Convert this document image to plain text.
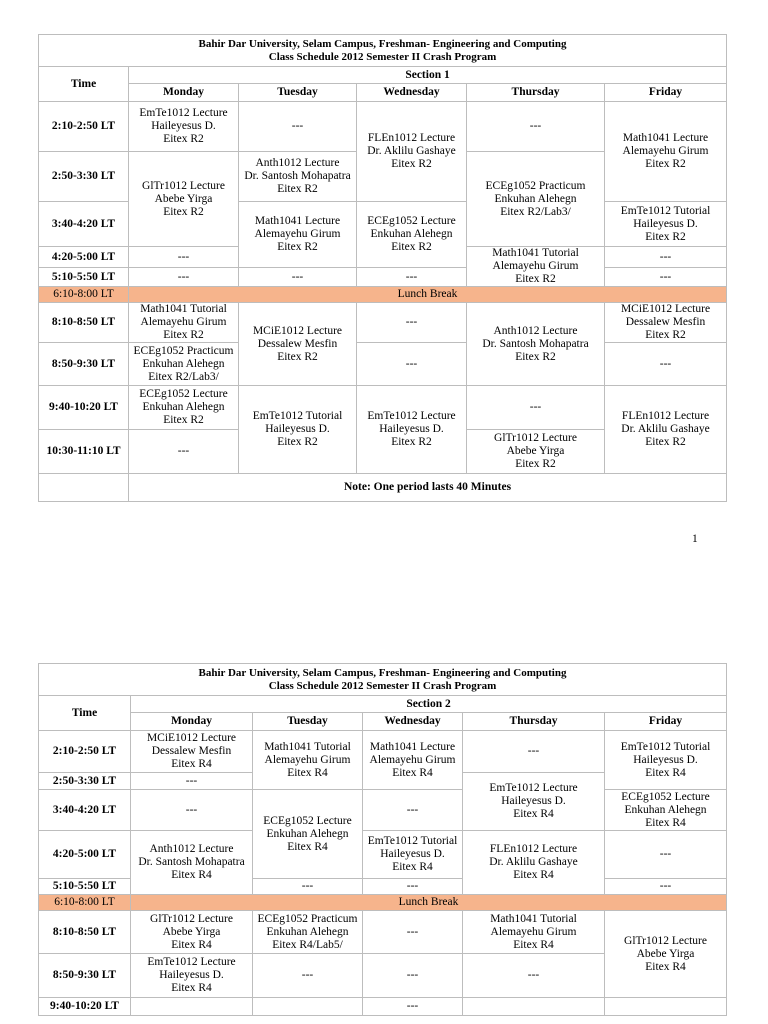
Bahir Dar University, Selam Campus, Freshman- Engineering and Computing
Class Schedule 2012 Semester II Crash Program					
Time	Section 1				
	Monday	Tuesday	Wednesday	Thursday	Friday
2:10-2:50 LT	EmTe1012 Lecture
Haileyesus D.
Eitex R2	---	FLEn1012 Lecture
Dr. Aklilu Gashaye
Eitex R2	---	Math1041 Lecture
Alemayehu Girum
Eitex R2
2:50-3:30 LT	GlTr1012 Lecture
Abebe Yirga
Eitex R2	Anth1012 Lecture
Dr. Santosh Mohapatra
Eitex R2		ECEg1052 Practicum
Enkuhan Alehegn
Eitex R2/Lab3/	
3:40-4:20 LT		Math1041 Lecture
Alemayehu Girum
Eitex R2	ECEg1052 Lecture
Enkuhan Alehegn
Eitex R2		EmTe1012 Tutorial
Haileyesus D.
Eitex R2
4:20-5:00 LT	---			Math1041 Tutorial
Alemayehu Girum
Eitex R2	---
5:10-5:50 LT	---	---	---		---
6:10-8:00 LT	Lunch Break				
8:10-8:50 LT	Math1041 Tutorial
Alemayehu Girum
Eitex R2	MCiE1012 Lecture
Dessalew Mesfin
Eitex R2	---	Anth1012 Lecture
Dr. Santosh Mohapatra
Eitex R2	MCiE1012 Lecture
Dessalew Mesfin
Eitex R2
8:50-9:30 LT	ECEg1052 Practicum
Enkuhan Alehegn
Eitex R2/Lab3/		---		---
9:40-10:20 LT	ECEg1052 Lecture
Enkuhan Alehegn
Eitex R2	EmTe1012 Tutorial
Haileyesus D.
Eitex R2	EmTe1012 Lecture
Haileyesus D.
Eitex R2	---	FLEn1012 Lecture
Dr. Aklilu Gashaye
Eitex R2
10:30-11:10 LT	---			GlTr1012 Lecture
Abebe Yirga
Eitex R2	
	Note: One period lasts 40 Minutes				
1
Bahir Dar University, Selam Campus, Freshman- Engineering and Computing
Class Schedule 2012 Semester II Crash Program					
Time	Section 2				
	Monday	Tuesday	Wednesday	Thursday	Friday
2:10-2:50 LT	MCiE1012 Lecture
Dessalew Mesfin
Eitex R4	Math1041 Tutorial
Alemayehu Girum
Eitex R4	Math1041 Lecture
Alemayehu Girum
Eitex R4	---	EmTe1012 Tutorial
Haileyesus D.
Eitex R4
2:50-3:30 LT	---			EmTe1012 Lecture
Haileyesus D.
Eitex R4	
3:40-4:20 LT	---	ECEg1052 Lecture
Enkuhan Alehegn
Eitex R4	---		ECEg1052 Lecture
Enkuhan Alehegn
Eitex R4
4:20-5:00 LT	Anth1012 Lecture
Dr. Santosh Mohapatra
Eitex R4		EmTe1012 Tutorial
Haileyesus D.
Eitex R4	FLEn1012 Lecture
Dr. Aklilu Gashaye
Eitex R4	---
5:10-5:50 LT		---	---		---
6:10-8:00 LT	Lunch Break				
8:10-8:50 LT	GlTr1012 Lecture
Abebe Yirga
Eitex R4	ECEg1052 Practicum
Enkuhan Alehegn
Eitex R4/Lab5/	---	Math1041 Tutorial
Alemayehu Girum
Eitex R4	GlTr1012 Lecture
Abebe Yirga
Eitex R4
8:50-9:30 LT	EmTe1012 Lecture
Haileyesus D.
Eitex R4	---	---	---	
9:40-10:20 LT			---		
